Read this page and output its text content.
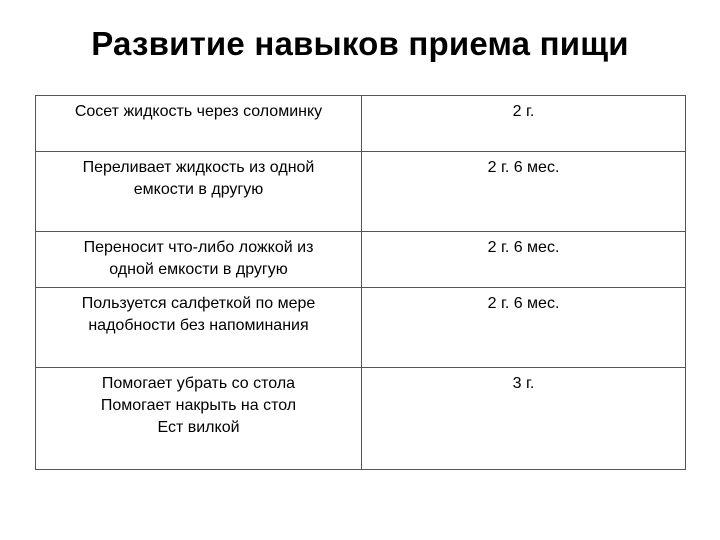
Развитие навыков приема пищи
Сосет жидкость через соломинку	2 г.

Переливает жидкость из одной
емкости в другую	2 г. 6 мес.

Переносит что-либо ложкой из
одной емкости в другую	2 г. 6 мес.

Пользуется салфеткой по мере
надобности без напоминания	2 г. 6 мес.

Помогает убрать со стола
Помогает накрыть на стол
Ест вилкой	3 г.
